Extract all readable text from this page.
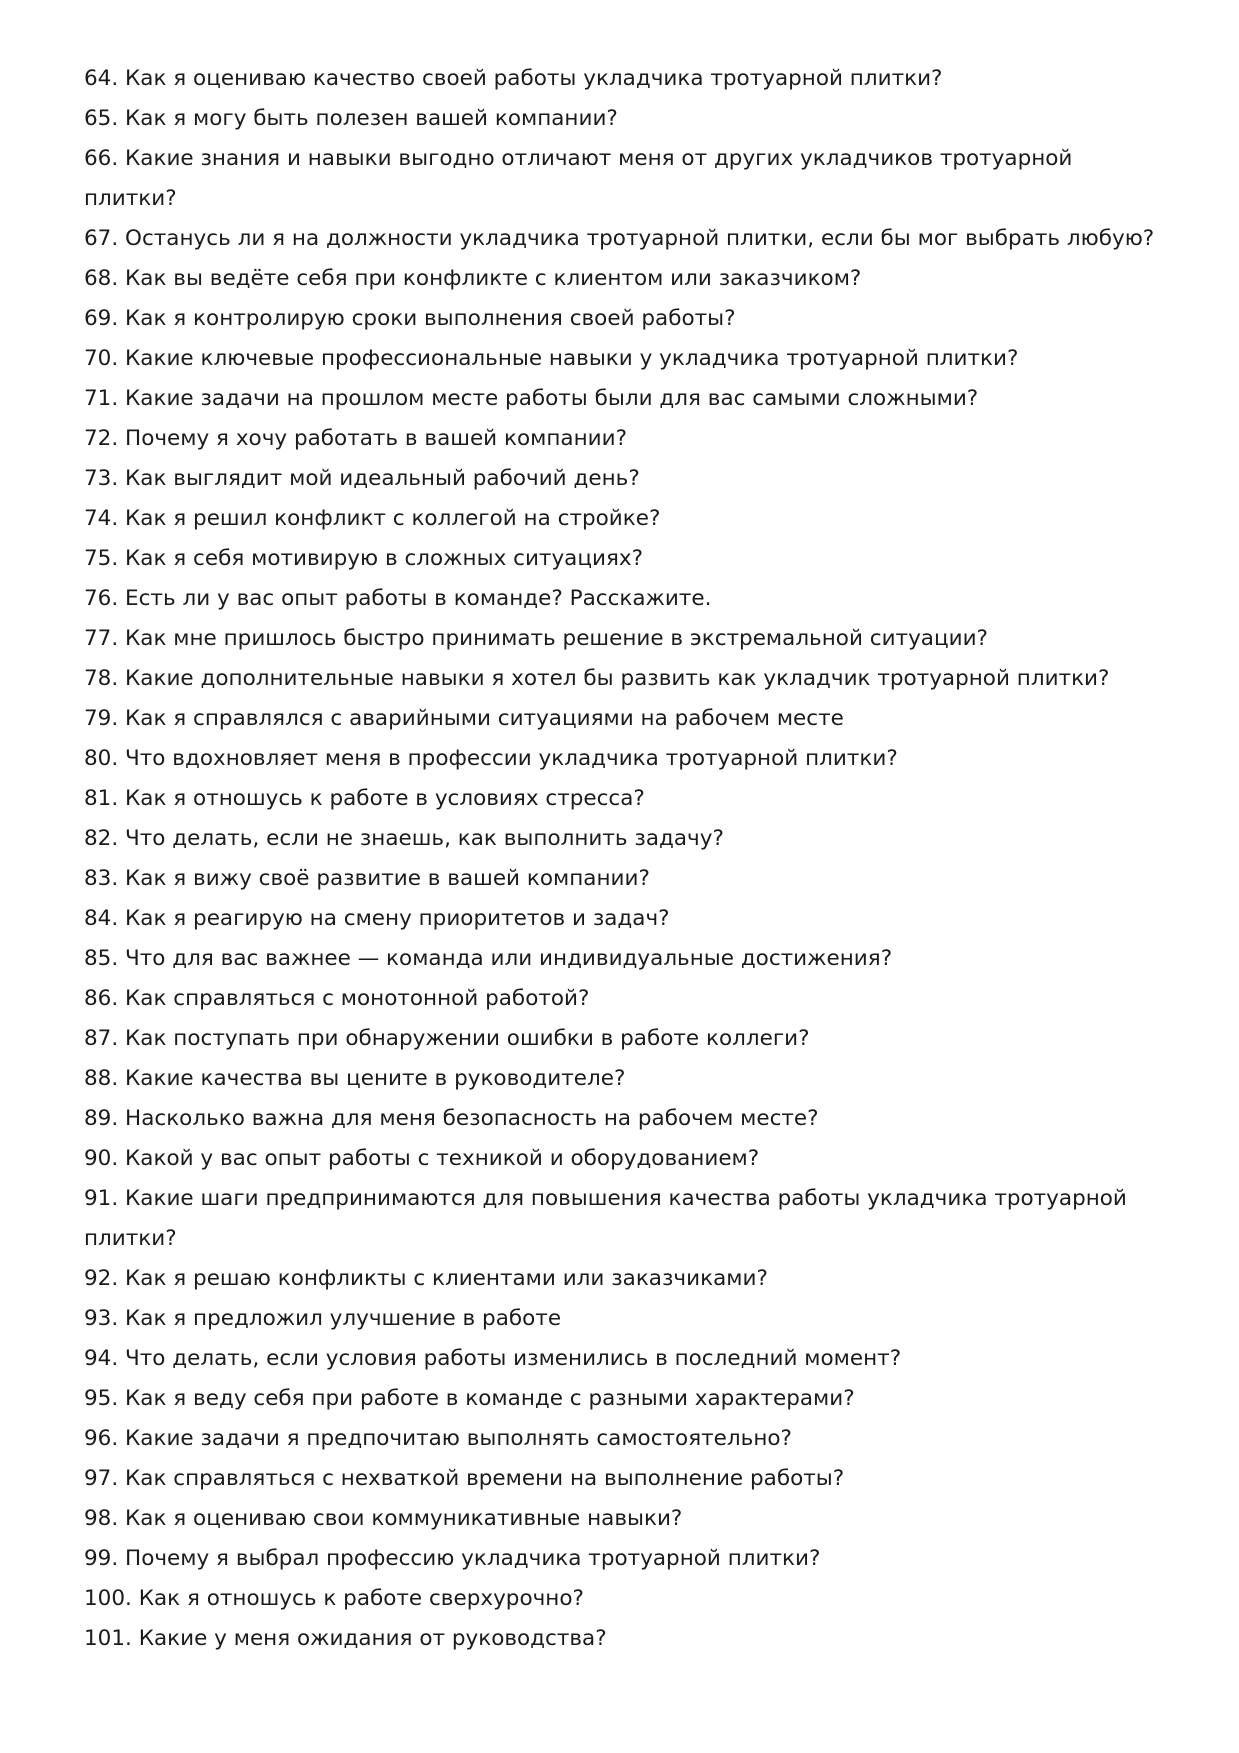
64. Как я оцениваю качество своей работы укладчика тротуарной плитки?
65. Как я могу быть полезен вашей компании?
66. Какие знания и навыки выгодно отличают меня от других укладчиков тротуарной плитки?
67. Останусь ли я на должности укладчика тротуарной плитки, если бы мог выбрать любую?
68. Как вы ведёте себя при конфликте с клиентом или заказчиком?
69. Как я контролирую сроки выполнения своей работы?
70. Какие ключевые профессиональные навыки у укладчика тротуарной плитки?
71. Какие задачи на прошлом месте работы были для вас самыми сложными?
72. Почему я хочу работать в вашей компании?
73. Как выглядит мой идеальный рабочий день?
74. Как я решил конфликт с коллегой на стройке?
75. Как я себя мотивирую в сложных ситуациях?
76. Есть ли у вас опыт работы в команде? Расскажите.
77. Как мне пришлось быстро принимать решение в экстремальной ситуации?
78. Какие дополнительные навыки я хотел бы развить как укладчик тротуарной плитки?
79. Как я справлялся с аварийными ситуациями на рабочем месте
80. Что вдохновляет меня в профессии укладчика тротуарной плитки?
81. Как я отношусь к работе в условиях стресса?
82. Что делать, если не знаешь, как выполнить задачу?
83. Как я вижу своё развитие в вашей компании?
84. Как я реагирую на смену приоритетов и задач?
85. Что для вас важнее — команда или индивидуальные достижения?
86. Как справляться с монотонной работой?
87. Как поступать при обнаружении ошибки в работе коллеги?
88. Какие качества вы цените в руководителе?
89. Насколько важна для меня безопасность на рабочем месте?
90. Какой у вас опыт работы с техникой и оборудованием?
91. Какие шаги предпринимаются для повышения качества работы укладчика тротуарной плитки?
92. Как я решаю конфликты с клиентами или заказчиками?
93. Как я предложил улучшение в работе
94. Что делать, если условия работы изменились в последний момент?
95. Как я веду себя при работе в команде с разными характерами?
96. Какие задачи я предпочитаю выполнять самостоятельно?
97. Как справляться с нехваткой времени на выполнение работы?
98. Как я оцениваю свои коммуникативные навыки?
99. Почему я выбрал профессию укладчика тротуарной плитки?
100. Как я отношусь к работе сверхурочно?
101. Какие у меня ожидания от руководства?
